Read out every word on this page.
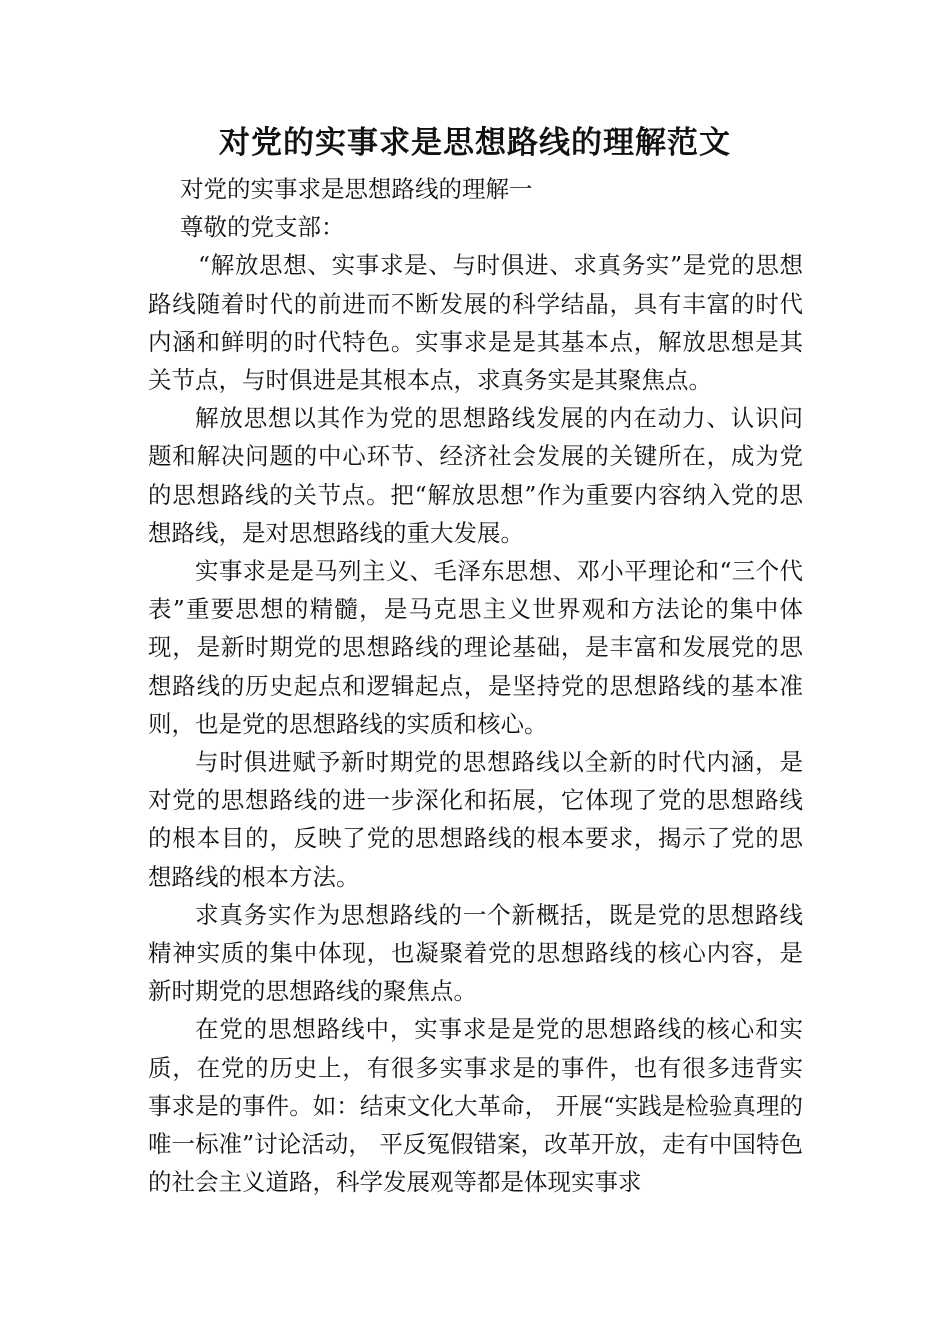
对党的实事求是思想路线的理解范文

对党的实事求是思想路线的理解一

尊敬的党支部：

“解放思想、实事求是、与时俱进、求真务实”是党的思想路线随着时代的前进而不断发展的科学结晶，具有丰富的时代内涵和鲜明的时代特色。实事求是是其基本点，解放思想是其关节点，与时俱进是其根本点，求真务实是其聚焦点。

解放思想以其作为党的思想路线发展的内在动力、认识问题和解决问题的中心环节、经济社会发展的关键所在，成为党的思想路线的关节点。把“解放思想”作为重要内容纳入党的思想路线，是对思想路线的重大发展。

实事求是是马列主义、毛泽东思想、邓小平理论和“三个代表”重要思想的精髓，是马克思主义世界观和方法论的集中体现，是新时期党的思想路线的理论基础，是丰富和发展党的思想路线的历史起点和逻辑起点，是坚持党的思想路线的基本准则，也是党的思想路线的实质和核心。

与时俱进赋予新时期党的思想路线以全新的时代内涵，是对党的思想路线的进一步深化和拓展，它体现了党的思想路线的根本目的，反映了党的思想路线的根本要求，揭示了党的思想路线的根本方法。

求真务实作为思想路线的一个新概括，既是党的思想路线精神实质的集中体现，也凝聚着党的思想路线的核心内容，是新时期党的思想路线的聚焦点。

在党的思想路线中，实事求是是党的思想路线的核心和实质，在党的历史上，有很多实事求是的事件，也有很多违背实事求是的事件。如：结束文化大革命， 开展“实践是检验真理的唯一标准”讨论活动， 平反冤假错案，改革开放，走有中国特色的社会主义道路，科学发展观等都是体现实事求
